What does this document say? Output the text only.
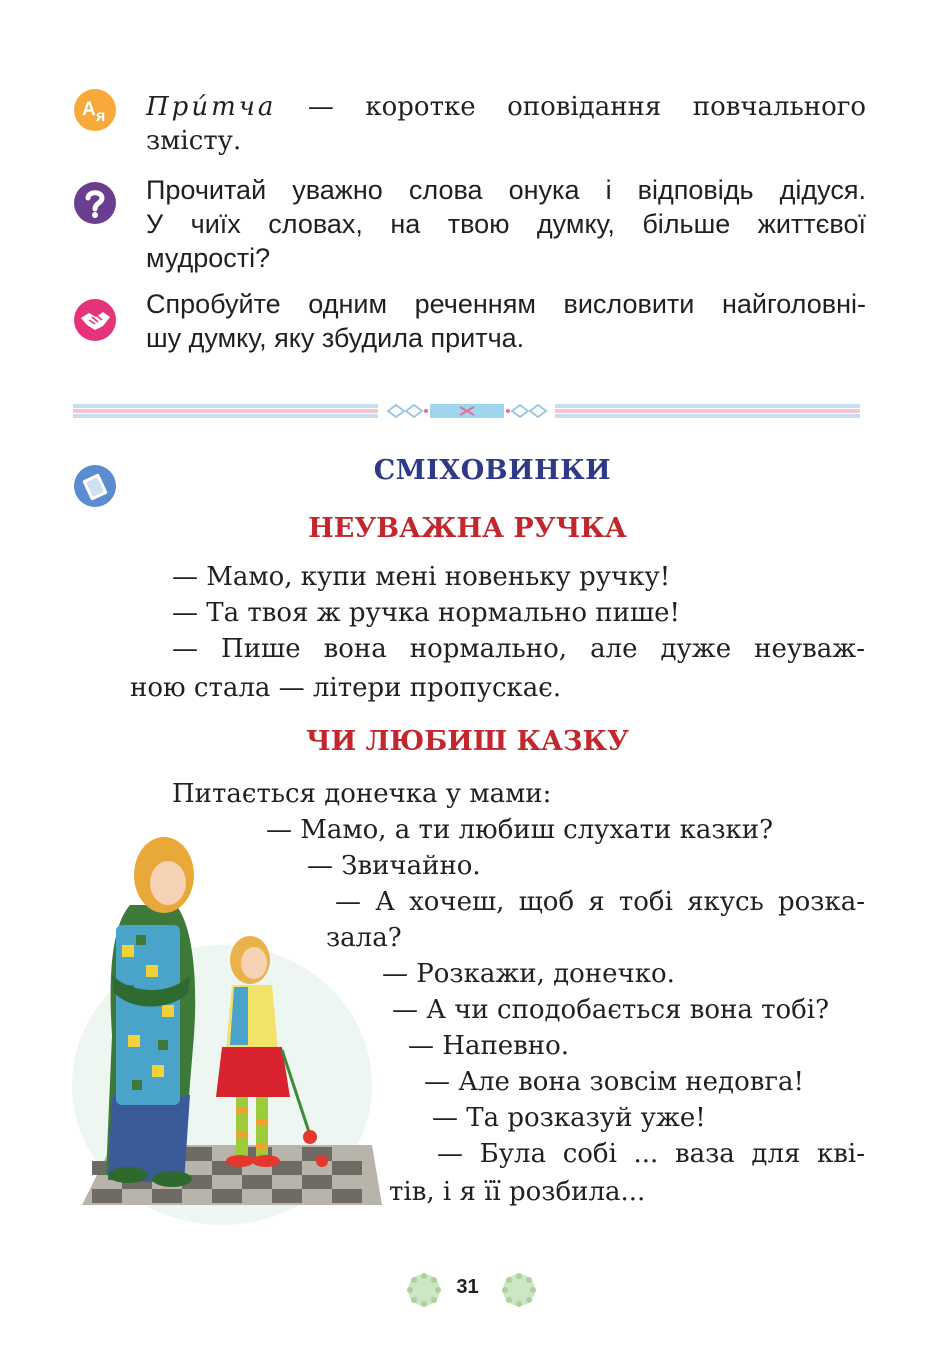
А я При́тча — коротке оповідання повчального
змісту.
Прочитай уважно слова онука і відповідь дідуся.
У чиїх словах, на твою думку, більше життєвої
мудрості?
Спробуйте одним реченням висловити найголовні-
шу думку, яку збудила притча.
СМІХОВИНКИ
НЕУВАЖНА РУЧКА
— Мамо, купи мені новеньку ручку!
— Та твоя ж ручка нормально пише!
— Пише вона нормально, але дуже неуваж-
ною стала — літери пропускає.
ЧИ ЛЮБИШ КАЗКУ
Питається донечка у мами:
— Мамо, а ти любиш слухати казки?
— Звичайно.
— А хочеш, щоб я тобі якусь розка-
зала?
— Розкажи, донечко.
— А чи сподобається вона тобі?
— Напевно.
— Але вона зовсім недовга!
— Та розказуй уже!
— Була собі ... ваза для кві-
тів, і я її розбила...
31
